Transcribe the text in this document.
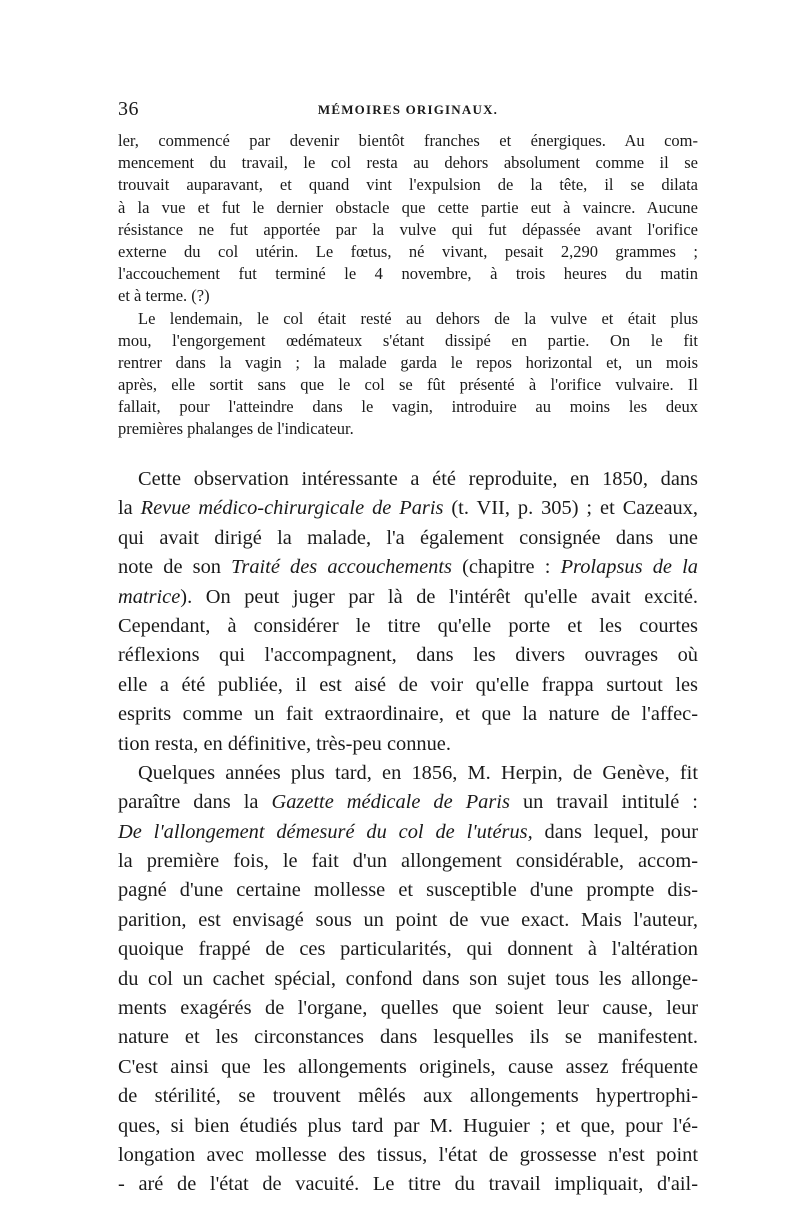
36	MÉMOIRES ORIGINAUX.
ler, commencé par devenir bientôt franches et énergiques. Au com-
mencement du travail, le col resta au dehors absolument comme il se
trouvait auparavant, et quand vint l'expulsion de la tête, il se dilata
à la vue et fut le dernier obstacle que cette partie eut à vaincre. Aucune
résistance ne fut apportée par la vulve qui fut dépassée avant l'orifice
externe du col utérin. Le fœtus, né vivant, pesait 2,290 grammes ;
l'accouchement fut terminé le 4 novembre, à trois heures du matin
et à terme. (?)
Le lendemain, le col était resté au dehors de la vulve et était plus
mou, l'engorgement œdémateux s'étant dissipé en partie. On le fit
rentrer dans la vagin ; la malade garda le repos horizontal et, un mois
après, elle sortit sans que le col se fût présenté à l'orifice vulvaire. Il
fallait, pour l'atteindre dans le vagin, introduire au moins les deux
premières phalanges de l'indicateur.
Cette observation intéressante a été reproduite, en 1850, dans
la Revue médico-chirurgicale de Paris (t. VII, p. 305) ; et Cazeaux,
qui avait dirigé la malade, l'a également consignée dans une
note de son Traité des accouchements (chapitre : Prolapsus de la
matrice). On peut juger par là de l'intérêt qu'elle avait excité.
Cependant, à considérer le titre qu'elle porte et les courtes
réflexions qui l'accompagnent, dans les divers ouvrages où
elle a été publiée, il est aisé de voir qu'elle frappa surtout les
esprits comme un fait extraordinaire, et que la nature de l'affec-
tion resta, en définitive, très-peu connue.
Quelques années plus tard, en 1856, M. Herpin, de Genève, fit
paraître dans la Gazette médicale de Paris un travail intitulé :
De l'allongement démesuré du col de l'utérus, dans lequel, pour
la première fois, le fait d'un allongement considérable, accom-
pagné d'une certaine mollesse et susceptible d'une prompte dis-
parition, est envisagé sous un point de vue exact. Mais l'auteur,
quoique frappé de ces particularités, qui donnent à l'altération
du col un cachet spécial, confond dans son sujet tous les allonge-
ments exagérés de l'organe, quelles que soient leur cause, leur
nature et les circonstances dans lesquelles ils se manifestent.
C'est ainsi que les allongements originels, cause assez fréquente
de stérilité, se trouvent mêlés aux allongements hypertrophi-
ques, si bien étudiés plus tard par M. Huguier ; et que, pour l'é-
longation avec mollesse des tissus, l'état de grossesse n'est point
- aré de l'état de vacuité. Le titre du travail impliquait, d'ail-
